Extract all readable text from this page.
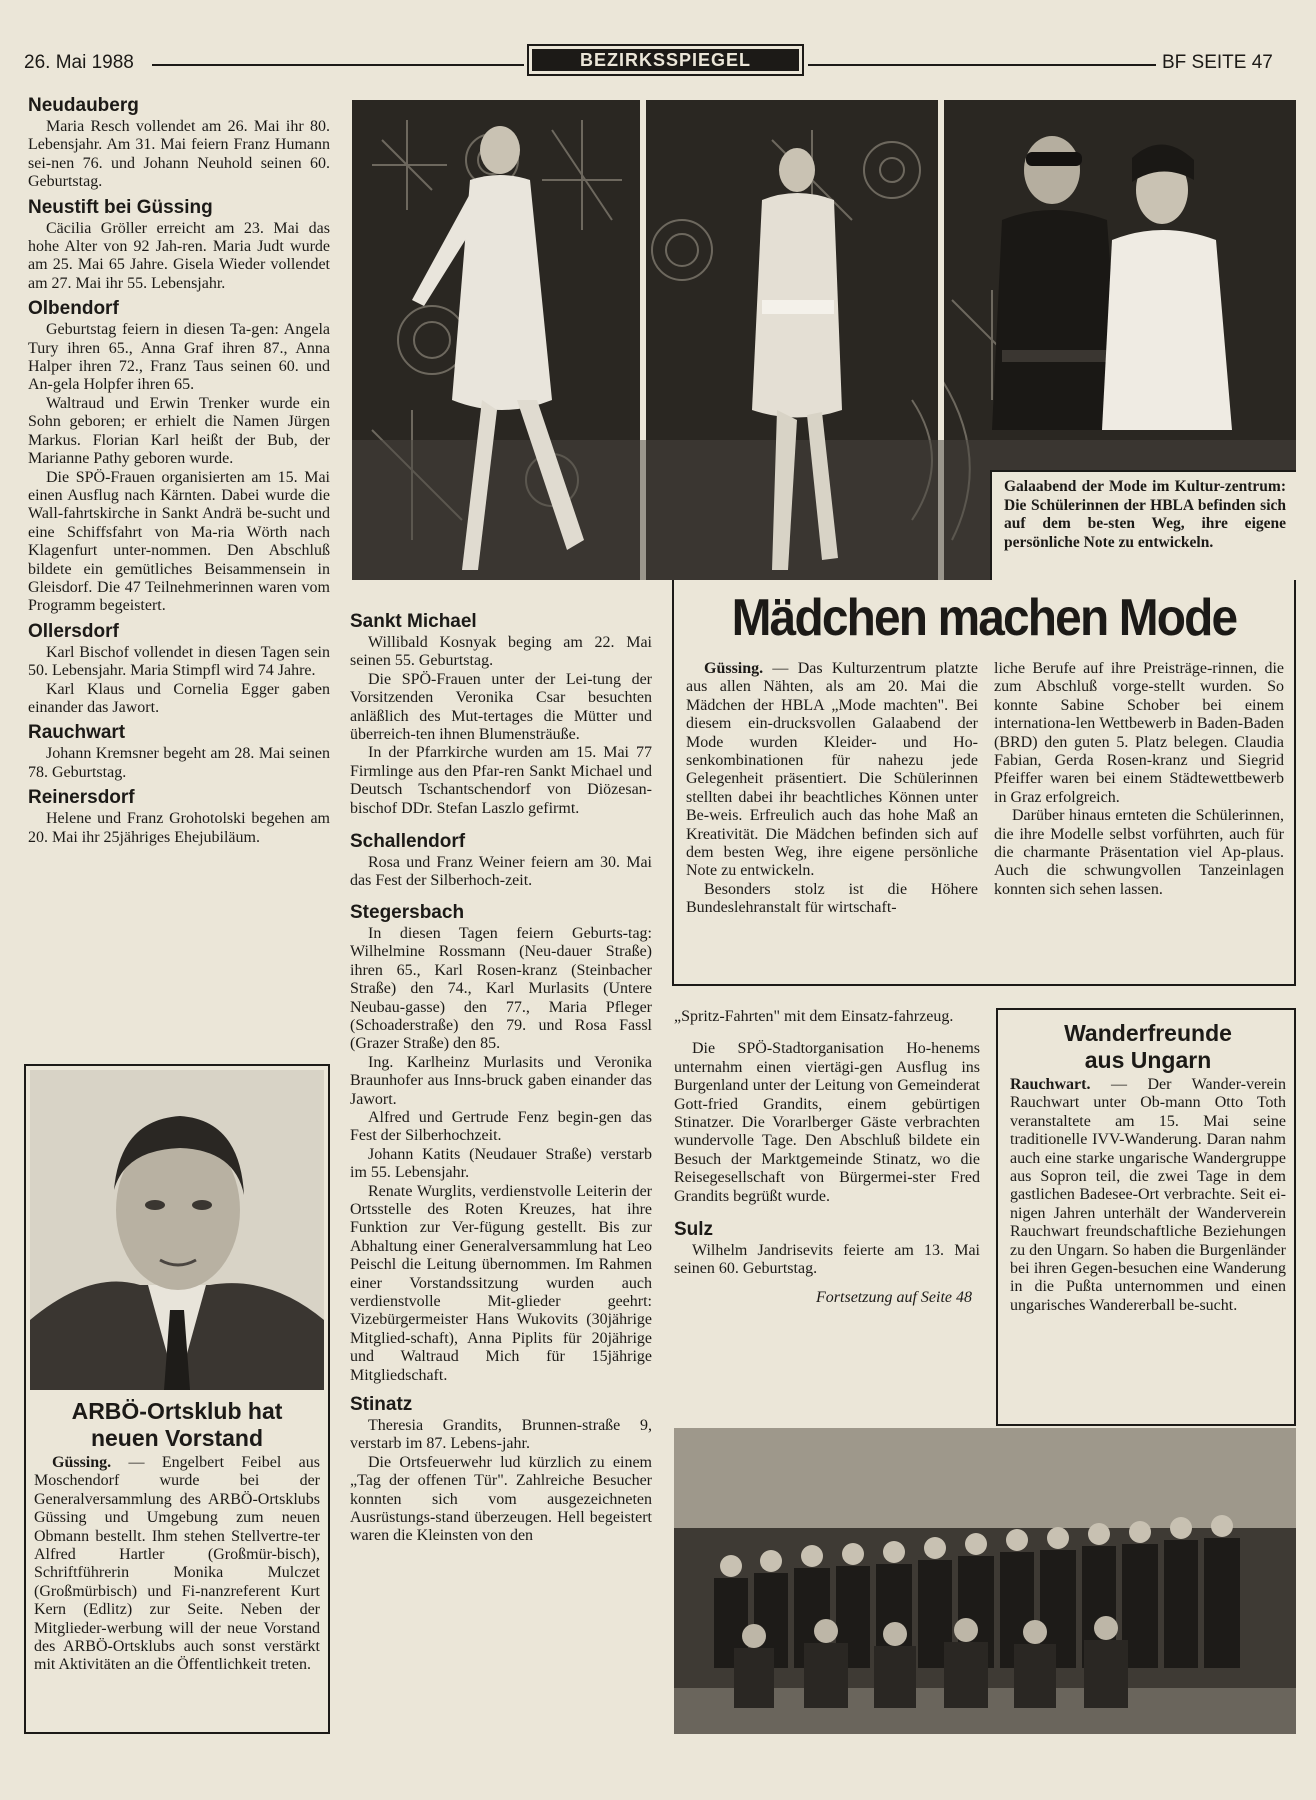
26. Mai 1988	BEZIRKSSPIEGEL	BF SEITE 47
Neudauberg

Maria Resch vollendet am 26. Mai ihr 80. Lebensjahr. Am 31. Mai feiern Franz Humann sei-nen 76. und Johann Neuhold seinen 60. Geburtstag.

Neustift bei Güssing

Cäcilia Gröller erreicht am 23. Mai das hohe Alter von 92 Jah-ren. Maria Judt wurde am 25. Mai 65 Jahre. Gisela Wieder vollendet am 27. Mai ihr 55. Lebensjahr.

Olbendorf

Geburtstag feiern in diesen Ta-gen: Angela Tury ihren 65., Anna Graf ihren 87., Anna Halper ihren 72., Franz Taus seinen 60. und An-gela Holpfer ihren 65.

Waltraud und Erwin Trenker wurde ein Sohn geboren; er erhielt die Namen Jürgen Markus. Florian Karl heißt der Bub, der Marianne Pathy geboren wurde.

Die SPÖ-Frauen organisierten am 15. Mai einen Ausflug nach Kärnten. Dabei wurde die Wall-fahrtskirche in Sankt Andrä be-sucht und eine Schiffsfahrt von Ma-ria Wörth nach Klagenfurt unter-nommen. Den Abschluß bildete ein gemütliches Beisammensein in Gleisdorf. Die 47 Teilnehmerinnen waren vom Programm begeistert.

Ollersdorf

Karl Bischof vollendet in diesen Tagen sein 50. Lebensjahr. Maria Stimpfl wird 74 Jahre.

Karl Klaus und Cornelia Egger gaben einander das Jawort.

Rauchwart

Johann Kremsner begeht am 28. Mai seinen 78. Geburtstag.

Reinersdorf

Helene und Franz Grohotolski begehen am 20. Mai ihr 25jähriges Ehejubiläum.

ARBÖ-Ortsklub hat
neuen Vorstand

Güssing. — Engelbert Feibel aus Moschendorf wurde bei der Generalversammlung des ARBÖ-Ortsklubs Güssing und Umgebung zum neuen Obmann bestellt. Ihm stehen Stellvertre-ter Alfred Hartler (Großmür-bisch), Schriftführerin Monika Mulczet (Großmürbisch) und Fi-nanzreferent Kurt Kern (Edlitz) zur Seite. Neben der Mitglieder-werbung will der neue Vorstand des ARBÖ-Ortsklubs auch sonst verstärkt mit Aktivitäten an die Öffentlichkeit treten.

Galaabend der Mode im Kultur-zentrum: Die Schülerinnen der HBLA befinden sich auf dem be-sten Weg, ihre eigene persönliche Note zu entwickeln.

Sankt Michael

Willibald Kosnyak beging am 22. Mai seinen 55. Geburtstag.

Die SPÖ-Frauen unter der Lei-tung der Vorsitzenden Veronika Csar besuchten anläßlich des Mut-tertages die Mütter und überreich-ten ihnen Blumensträuße.

In der Pfarrkirche wurden am 15. Mai 77 Firmlinge aus den Pfar-ren Sankt Michael und Deutsch Tschantschendorf von Diözesan-bischof DDr. Stefan Laszlo gefirmt.

Schallendorf

Rosa und Franz Weiner feiern am 30. Mai das Fest der Silberhoch-zeit.

Stegersbach

In diesen Tagen feiern Geburts-tag: Wilhelmine Rossmann (Neu-dauer Straße) ihren 65., Karl Rosen-kranz (Steinbacher Straße) den 74., Karl Murlasits (Untere Neubau-gasse) den 77., Maria Pfleger (Schoaderstraße) den 79. und Rosa Fassl (Grazer Straße) den 85.

Ing. Karlheinz Murlasits und Veronika Braunhofer aus Inns-bruck gaben einander das Jawort.

Alfred und Gertrude Fenz begin-gen das Fest der Silberhochzeit.

Johann Katits (Neudauer Straße) verstarb im 55. Lebensjahr.

Renate Wurglits, verdienstvolle Leiterin der Ortsstelle des Roten Kreuzes, hat ihre Funktion zur Ver-fügung gestellt. Bis zur Abhaltung einer Generalversammlung hat Leo Peischl die Leitung übernommen. Im Rahmen einer Vorstandssitzung wurden auch verdienstvolle Mit-glieder geehrt: Vizebürgermeister Hans Wukovits (30jährige Mitglied-schaft), Anna Piplits für 20jährige und Waltraud Mich für 15jährige Mitgliedschaft.

Stinatz

Theresia Grandits, Brunnen-straße 9, verstarb im 87. Lebens-jahr.

Die Ortsfeuerwehr lud kürzlich zu einem „Tag der offenen Tür". Zahlreiche Besucher konnten sich vom ausgezeichneten Ausrüstungs-stand überzeugen. Hell begeistert waren die Kleinsten von den

Mädchen machen Mode

Güssing. — Das Kulturzentrum platzte aus allen Nähten, als am 20. Mai die Mädchen der HBLA „Mode machten". Bei diesem ein-drucksvollen Galaabend der Mode wurden Kleider- und Ho-senkombinationen für nahezu jede Gelegenheit präsentiert. Die Schülerinnen stellten dabei ihr beachtliches Können unter Be-weis. Erfreulich auch das hohe Maß an Kreativität. Die Mädchen befinden sich auf dem besten Weg, ihre eigene persönliche Note zu entwickeln.

Besonders stolz ist die Höhere Bundeslehranstalt für wirtschaft-

liche Berufe auf ihre Preisträge-rinnen, die zum Abschluß vorge-stellt wurden. So konnte Sabine Schober bei einem internationa-len Wettbewerb in Baden-Baden (BRD) den guten 5. Platz belegen. Claudia Fabian, Gerda Rosen-kranz und Siegrid Pfeiffer waren bei einem Städtewettbewerb in Graz erfolgreich.

Darüber hinaus ernteten die Schülerinnen, die ihre Modelle selbst vorführten, auch für die charmante Präsentation viel Ap-plaus. Auch die schwungvollen Tanzeinlagen konnten sich sehen lassen.

„Spritz-Fahrten" mit dem Einsatz-fahrzeug.

Die SPÖ-Stadtorganisation Ho-henems unternahm einen viertägi-gen Ausflug ins Burgenland unter der Leitung von Gemeinderat Gott-fried Grandits, einem gebürtigen Stinatzer. Die Vorarlberger Gäste verbrachten wundervolle Tage. Den Abschluß bildete ein Besuch der Marktgemeinde Stinatz, wo die Reisegesellschaft von Bürgermei-ster Fred Grandits begrüßt wurde.

Sulz

Wilhelm Jandrisevits feierte am 13. Mai seinen 60. Geburtstag.

Fortsetzung auf Seite 48

Wanderfreunde
aus Ungarn

Rauchwart. — Der Wander-verein Rauchwart unter Ob-mann Otto Toth veranstaltete am 15. Mai seine traditionelle IVV-Wanderung. Daran nahm auch eine starke ungarische Wandergruppe aus Sopron teil, die zwei Tage in dem gastlichen Badesee-Ort verbrachte. Seit ei-nigen Jahren unterhält der Wanderverein Rauchwart freundschaftliche Beziehungen zu den Ungarn. So haben die Burgenländer bei ihren Gegen-besuchen eine Wanderung in die Pußta unternommen und einen ungarisches Wandererball be-sucht.
